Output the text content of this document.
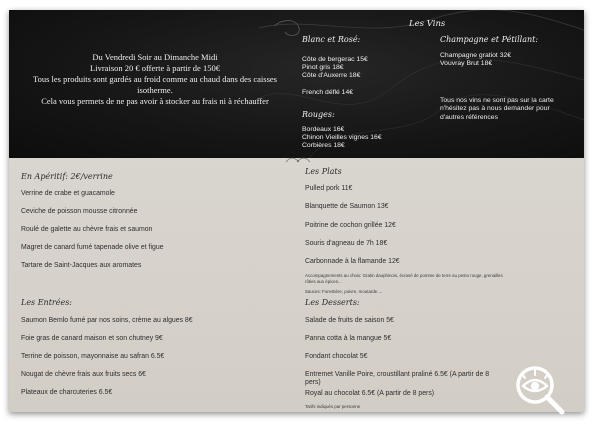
Du Vendredi Soir au Dimanche Midi
Livraison 20 € offerte à partir de 150€
Tous les produits sont gardés au froid comme au chaud dans des caisses
isotherme.
Cela vous permets de ne pas avoir à stocker au frais ni à réchauffer
Les Vins
Blanc et Rosé:
Côte de bergerac 15€
Pinot gris 18€
Côte d'Auxerre 18€
French déflé 14€
Rouges:
Bordeaux 16€
Chinon Vieilles vignes 16€
Corbières 18€
Champagne et Pétillant:
Champagne gratiot 32€
Vouvray Brut 18€
Tous nos vins ne sont pas sur la carte n'hésitez pas à nous demander pour d'autres références
En Apéritif: 2€/verrine
Verrine de crabe et guacamole
Ceviche de poisson mousse citronnée
Roulé de galette au chèvre frais et saumon
Magret de canard fumé tapenade olive et figue
Tartare de Saint-Jacques aux aromates
Les Entrées:
Saumon Bemlo fumé par nos soins, crème au algues 8€
Foie gras de canard maison et son chutney 9€
Terrine de poisson, mayonnaise au safran 6.5€
Nougat de chèvre frais aux fruits secs 6€
Plateaux de charcuteries 6.5€
Les Plats
Pulled pork 11€
Blanquette de Saumon 13€
Poitrine de cochon grillée 12€
Souris d'agneau de 7h 18€
Carbonnade à la flamande 12€
Accompagnements au choix: Gratin dauphinois, écrasé de pomme de terre au pesto rouge, grenailles
rôties aux épices...
Sauces: Forestière, poivre, moutarde....
Les Desserts:
Salade de fruits de saison 5€
Panna cotta à la mangue 5€
Fondant chocolat 5€
Entremet Vanille Poire, croustillant praliné 6.5€ (A partir de 8
pers)
Royal au chocolat 6.5€ (A partir de 8 pers)
Tarifs indiqués par personne
